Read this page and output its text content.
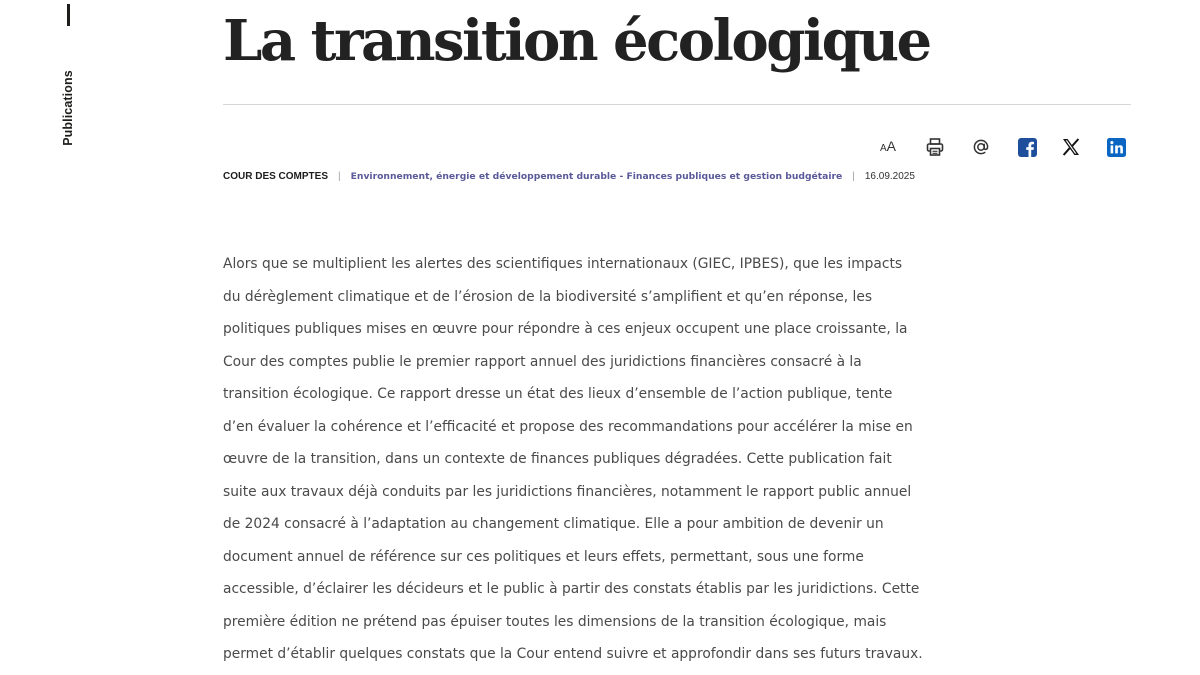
Publications
La transition écologique
AA
COUR DES COMPTES | Environnement, énergie et développement durable - Finances publiques et gestion budgétaire | 16.09.2025

Alors que se multiplient les alertes des scientifiques internationaux (GIEC, IPBES), que les impacts
du dérèglement climatique et de l’érosion de la biodiversité s’amplifient et qu’en réponse, les
politiques publiques mises en œuvre pour répondre à ces enjeux occupent une place croissante, la
Cour des comptes publie le premier rapport annuel des juridictions financières consacré à la
transition écologique. Ce rapport dresse un état des lieux d’ensemble de l’action publique, tente
d’en évaluer la cohérence et l’efficacité et propose des recommandations pour accélérer la mise en
œuvre de la transition, dans un contexte de finances publiques dégradées. Cette publication fait
suite aux travaux déjà conduits par les juridictions financières, notamment le rapport public annuel
de 2024 consacré à l’adaptation au changement climatique. Elle a pour ambition de devenir un
document annuel de référence sur ces politiques et leurs effets, permettant, sous une forme
accessible, d’éclairer les décideurs et le public à partir des constats établis par les juridictions. Cette
première édition ne prétend pas épuiser toutes les dimensions de la transition écologique, mais
permet d’établir quelques constats que la Cour entend suivre et approfondir dans ses futurs travaux.
